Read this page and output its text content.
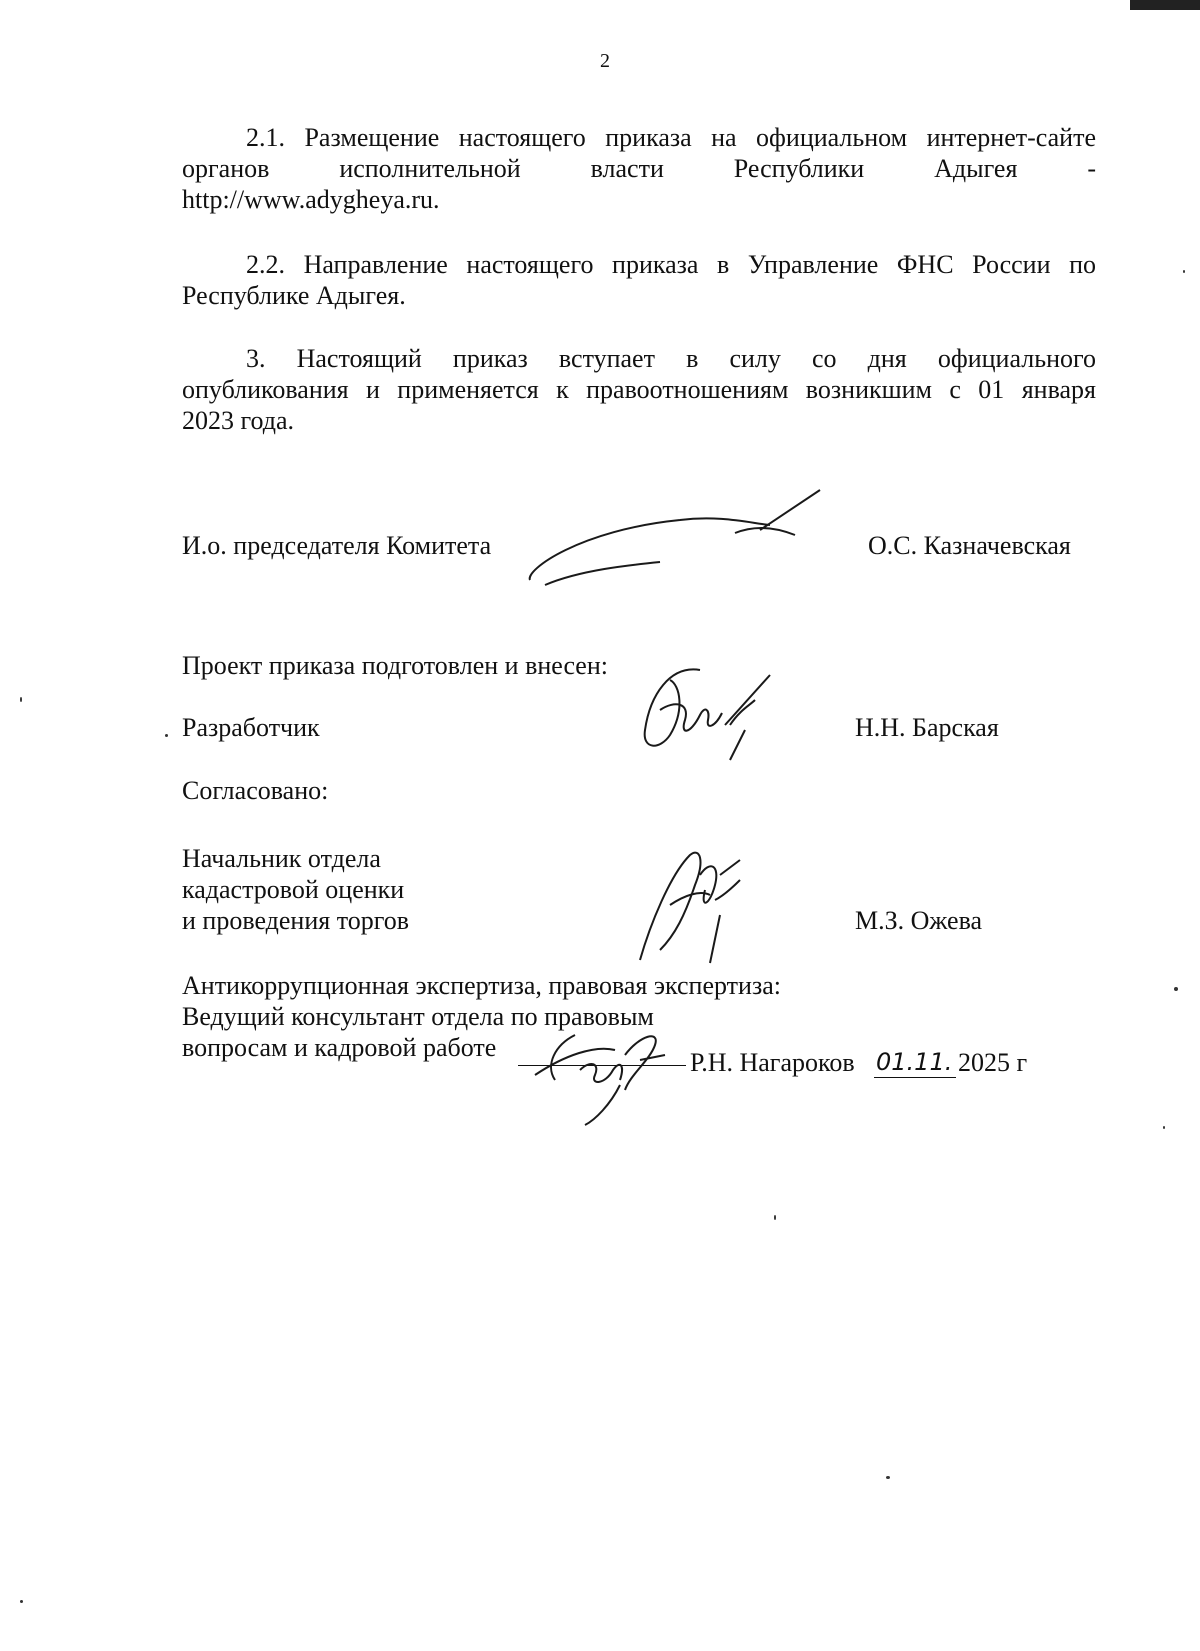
2
2.1. Размещение настоящего приказа на официальном интернет-сайте
органов	исполнительной	власти	Республики	Адыгея	-
http://www.adygheya.ru.
2.2. Направление настоящего приказа в Управление ФНС России по
Республике Адыгея.
3. Настоящий приказ вступает в силу со дня официального
опубликования и применяется к правоотношениям возникшим с 01 января
2023 года.
И.о. председателя Комитета	О.С. Казначевская
Проект приказа подготовлен и внесен:
Разработчик	Н.Н. Барская
Согласовано:
Начальник отдела
кадастровой оценки
и проведения торгов	М.З. Ожева
Антикоррупционная экспертиза, правовая экспертиза:
Ведущий консультант отдела по правовым
вопросам и кадровой работе
Р.Н. Нагароков 01.11. 2025 г
